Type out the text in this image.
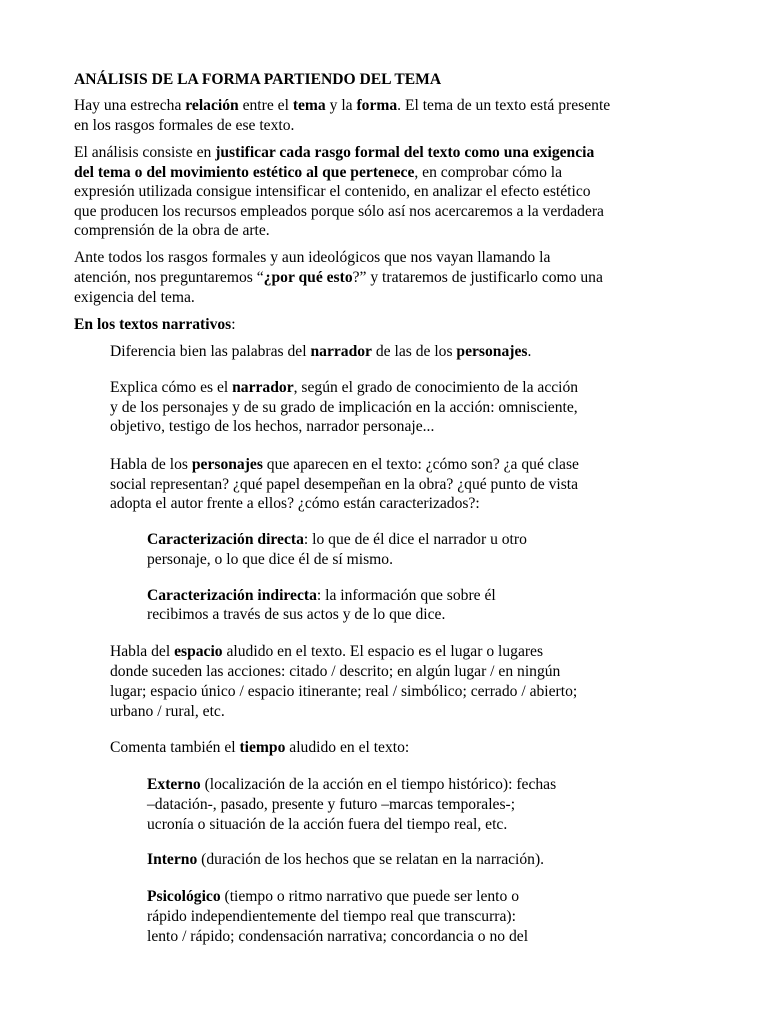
ANÁLISIS DE LA FORMA PARTIENDO DEL TEMA

Hay una estrecha relación entre el tema y la forma. El tema de un texto está presente

en los rasgos formales de ese texto.

El análisis consiste en justificar cada rasgo formal del texto como una exigencia

del tema o del movimiento estético al que pertenece, en comprobar cómo la

expresión utilizada consigue intensificar el contenido, en analizar el efecto estético

que producen los recursos empleados porque sólo así nos acercaremos a la verdadera

comprensión de la obra de arte.

Ante todos los rasgos formales y aun ideológicos que nos vayan llamando la

atención, nos preguntaremos “¿por qué esto?” y trataremos de justificarlo como una

exigencia del tema.

En los textos narrativos:

Diferencia bien las palabras del narrador de las de los personajes.

Explica cómo es el narrador, según el grado de conocimiento de la acción

y de los personajes y de su grado de implicación en la acción: omnisciente,

objetivo, testigo de los hechos, narrador personaje...

Habla de los personajes que aparecen en el texto: ¿cómo son? ¿a qué clase

social representan? ¿qué papel desempeñan en la obra? ¿qué punto de vista

adopta el autor frente a ellos? ¿cómo están caracterizados?:

Caracterización directa: lo que de él dice el narrador u otro

personaje, o lo que dice él de sí mismo.

Caracterización indirecta: la información que sobre él

recibimos a través de sus actos y de lo que dice.

Habla del espacio aludido en el texto. El espacio es el lugar o lugares

donde suceden las acciones: citado / descrito; en algún lugar / en ningún

lugar; espacio único / espacio itinerante; real / simbólico; cerrado / abierto;

urbano / rural, etc.

Comenta también el tiempo aludido en el texto:

Externo (localización de la acción en el tiempo histórico): fechas

–datación-, pasado, presente y futuro –marcas temporales-;

ucronía o situación de la acción fuera del tiempo real, etc.

Interno (duración de los hechos que se relatan en la narración).

Psicológico (tiempo o ritmo narrativo que puede ser lento o

rápido independientemente del tiempo real que transcurra):

lento / rápido; condensación narrativa; concordancia o no del
